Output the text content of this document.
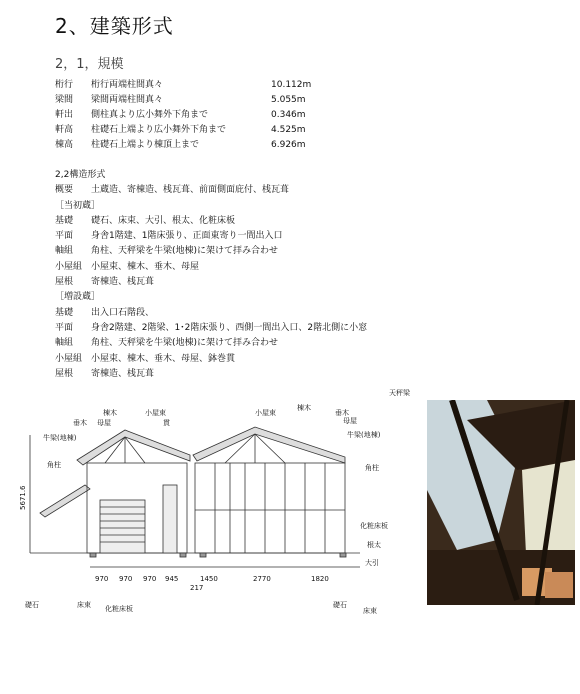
2、建築形式
2，1，規模
桁行	桁行両端柱間真々	10.112m
梁間	梁間両端柱間真々	5.055m
軒出	側柱真より広小舞外下角まで	0.346m
軒高	柱礎石上端より広小舞外下角まで	4.525m
棟高	柱礎石上端より棟頂上まで	6.926m
2,2構造形式
概要	土蔵造、寄棟造、桟瓦葺、前面側面庇付、桟瓦葺
［当初蔵］
基礎	礎石、床束、大引、根太、化粧床板
平面	身舎1階建、1階床張り、正面東寄り一間出入口
軸組	角柱、天秤梁を牛梁(地棟)に架けて拝み合わせ
小屋組 小屋束、棟木、垂木、母屋
屋根	寄棟造、桟瓦葺
［増設蔵］
基礎	出入口石階段、
平面	身舎2階建、2階梁、1･2階床張り、西側一間出入口、2階北側に小窓
軸組	角柱、天秤梁を牛梁(地棟)に架けて拝み合わせ
小屋組 小屋束、棟木、垂木、母屋、鉢巻貫
屋根	寄棟造、桟瓦葺
天秤梁
棟木	小屋束
垂木 母屋	貫
牛梁(地棟)
角柱
小屋束
棟木
垂木
母屋
牛梁(地棟)
角柱
化粧床板
根太
大引
礎石	床束 化粧床板	礎石
床束
5671.6
970 970 970 945	1450	2770	1820
217
